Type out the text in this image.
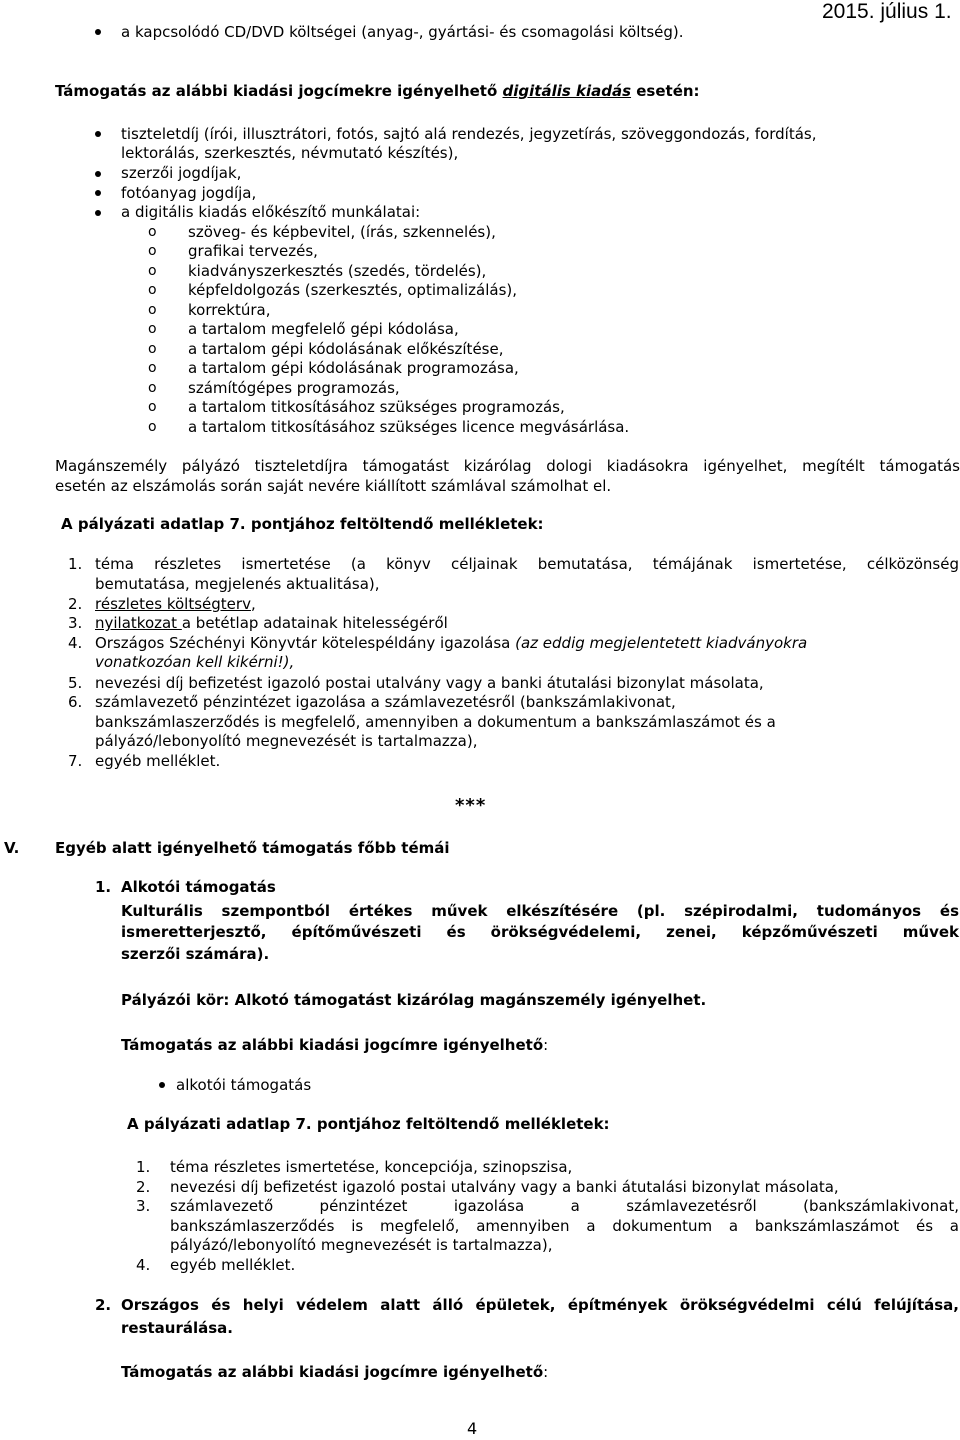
a kapcsolódó CD/DVD költségei (anyag-, gyártási- és csomagolási költség).
2015. július 1.
Támogatás az alábbi kiadási jogcímekre igényelhető digitális kiadás esetén:
tiszteletdíj (írói, illusztrátori, fotós, sajtó alá rendezés, jegyzetírás, szöveggondozás, fordítás,
lektorálás, szerkesztés, névmutató készítés),
szerzői jogdíjak,
fotóanyag jogdíja,
a digitális kiadás előkészítő munkálatai:
o szöveg- és képbevitel, (írás, szkennelés),
o grafikai tervezés,
o kiadványszerkesztés (szedés, tördelés),
o képfeldolgozás (szerkesztés, optimalizálás),
o korrektúra,
o a tartalom megfelelő gépi kódolása,
o a tartalom gépi kódolásának előkészítése,
o a tartalom gépi kódolásának programozása,
o számítógépes programozás,
o a tartalom titkosításához szükséges programozás,
o a tartalom titkosításához szükséges licence megvásárlása.
Magánszemély pályázó tiszteletdíjra támogatást kizárólag dologi kiadásokra igényelhet, megítélt támogatás
esetén az elszámolás során saját nevére kiállított számlával számolhat el.
A pályázati adatlap 7. pontjához feltöltendő mellékletek:
1. téma részletes ismertetése (a könyv céljainak bemutatása, témájának ismertetése, célközönség
bemutatása, megjelenés aktualitása),
2. részletes költségterv,
3. nyilatkozat a betétlap adatainak hitelességéről
4. Országos Széchényi Könyvtár kötelespéldány igazolása (az eddig megjelentetett kiadványokra
vonatkozóan kell kikérni!),
5. nevezési díj befizetést igazoló postai utalvány vagy a banki átutalási bizonylat másolata,
6. számlavezető pénzintézet igazolása a számlavezetésről (bankszámlakivonat,
bankszámlaszerződés is megfelelő, amennyiben a dokumentum a bankszámlaszámot és a
pályázó/lebonyolító megnevezését is tartalmazza),
7. egyéb melléklet.
***
V. Egyéb alatt igényelhető támogatás főbb témái
1. Alkotói támogatás
Kulturális szempontból értékes művek elkészítésére (pl. szépirodalmi, tudományos és
ismeretterjesztő, építőművészeti és örökségvédelemi, zenei, képzőművészeti művek
szerzői számára).
Pályázói kör: Alkotó támogatást kizárólag magánszemély igényelhet.
Támogatás az alábbi kiadási jogcímre igényelhető:
alkotói támogatás
A pályázati adatlap 7. pontjához feltöltendő mellékletek:
1. téma részletes ismertetése, koncepciója, szinopszisa,
2. nevezési díj befizetést igazoló postai utalvány vagy a banki átutalási bizonylat másolata,
3. számlavezető pénzintézet igazolása a számlavezetésről (bankszámlakivonat,
bankszámlaszerződés is megfelelő, amennyiben a dokumentum a bankszámlaszámot és a
pályázó/lebonyolító megnevezését is tartalmazza),
4. egyéb melléklet.
2. Országos és helyi védelem alatt álló épületek, építmények örökségvédelmi célú felújítása,
restaurálása.
Támogatás az alábbi kiadási jogcímre igényelhető:
4
